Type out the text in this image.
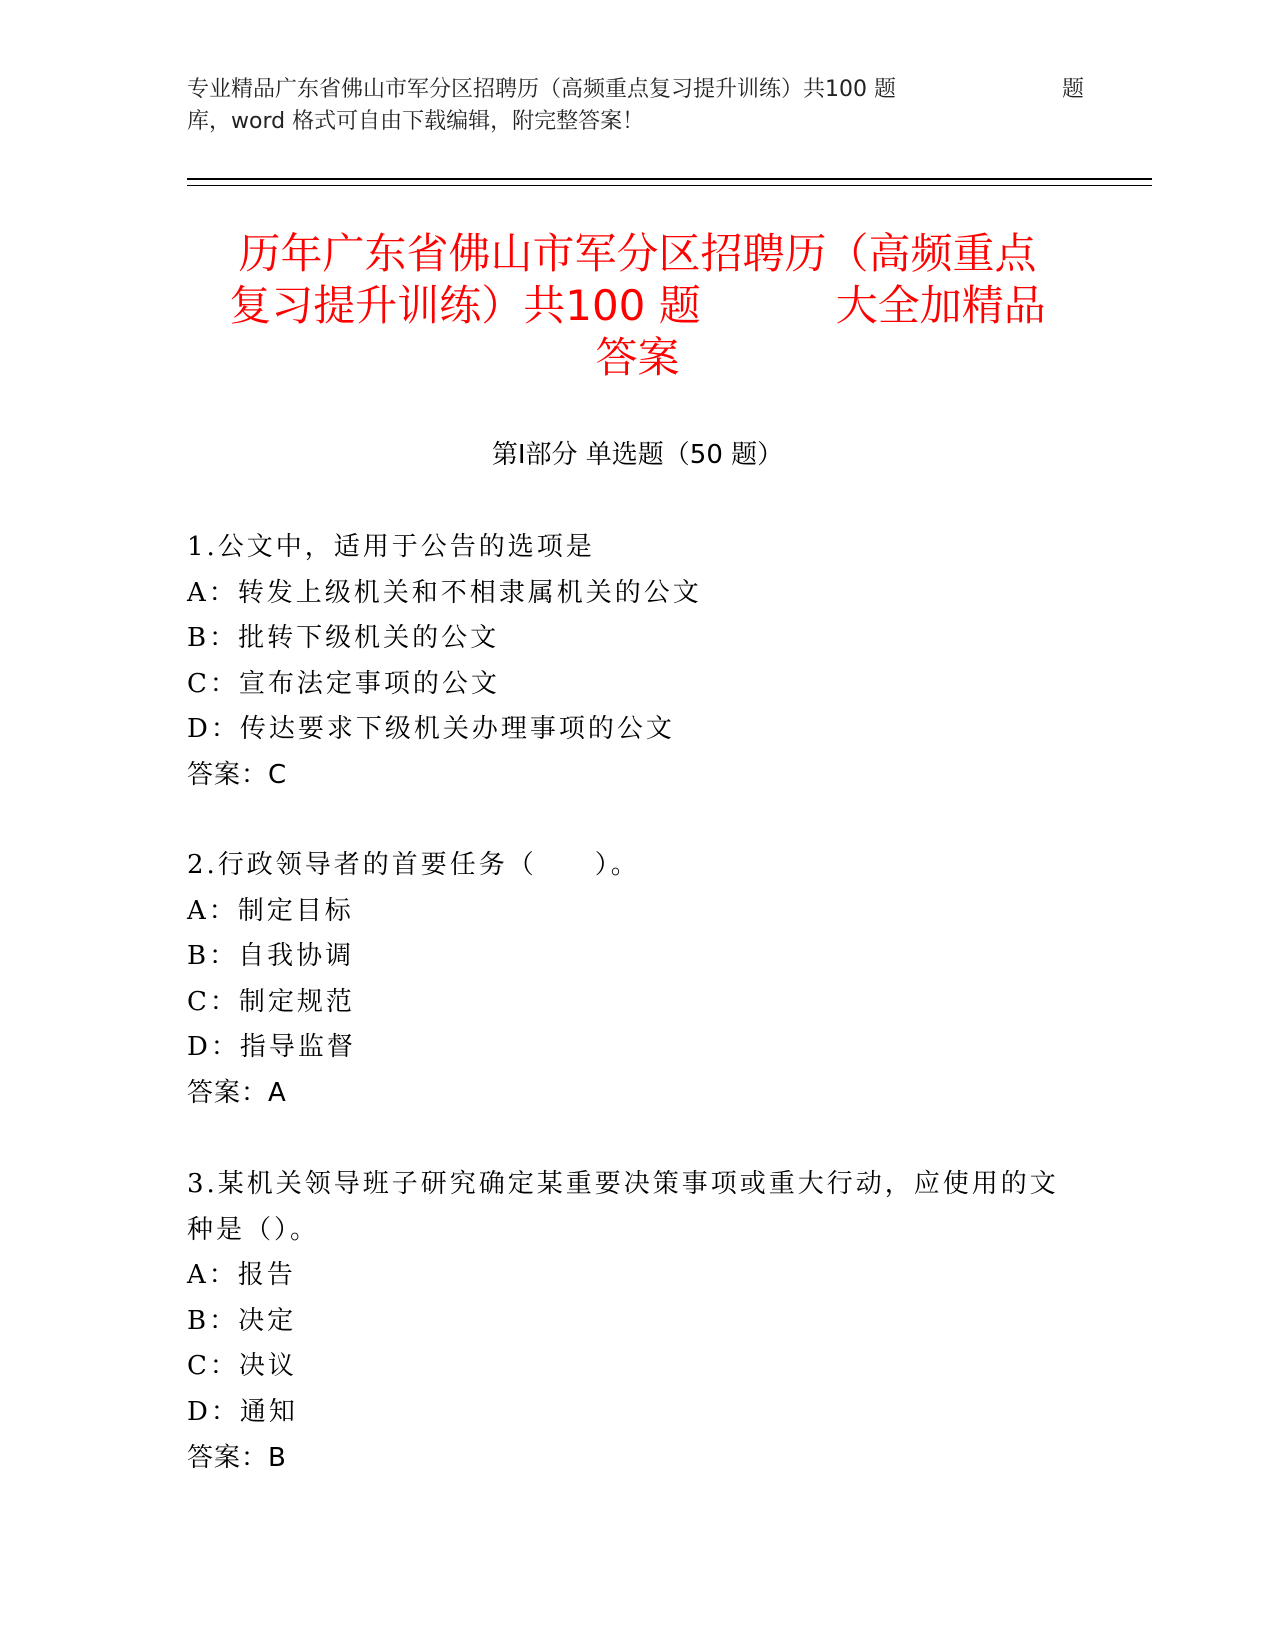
专业精品广东省佛山市军分区招聘历（高频重点复习提升训练）共100 题	题
库，word 格式可自由下载编辑，附完整答案！
历年广东省佛山市军分区招聘历（高频重点
复习提升训练）共100 题	大全加精品
答案
第Ⅰ部分 单选题（50 题）
1.公文中，适用于公告的选项是
A：转发上级机关和不相隶属机关的公文
B：批转下级机关的公文
C：宣布法定事项的公文
D：传达要求下级机关办理事项的公文
答案：C
2.行政领导者的首要任务（　　）。
A：制定目标
B：自我协调
C：制定规范
D：指导监督
答案：A
3.某机关领导班子研究确定某重要决策事项或重大行动，应使用的文种是（）。
A：报告
B：决定
C：决议
D：通知
答案：B
